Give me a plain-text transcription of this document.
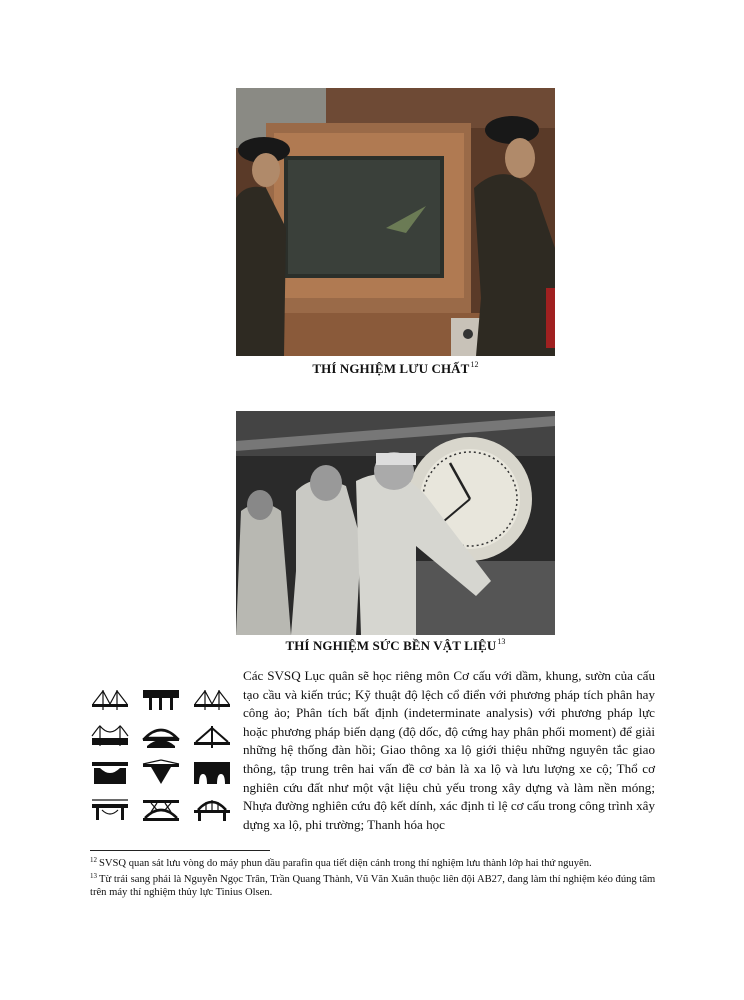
THÍ NGHIỆM LƯU CHẤT$^{12}$
THÍ NGHIỆM SỨC BỀN VẬT LIỆU$^{13}$
Các SVSQ Lục quân sẽ học riêng môn Cơ cấu với dầm, khung, sườn của cấu tạo cầu và kiến trúc; Kỹ thuật độ lệch cổ điển với phương pháp tích phân hay công ảo; Phân tích bất định (indeterminate analysis) với phương pháp lực hoặc phương pháp biến dạng (độ dốc, độ cứng hay phân phối moment) để giải những hệ thống đàn hồi; Giao thông xa lộ giới thiệu những nguyên tắc giao thông, tập trung trên hai vấn đề cơ bản là xa lộ và lưu lượng xe cộ; Thổ cơ nghiên cứu đất như một vật liệu chủ yếu trong xây dựng và làm nền móng; Nhựa đường nghiên cứu độ kết dính, xác định tỉ lệ cơ cấu trong công trình xây dựng xa lộ, phi trường; Thanh hóa học

$^{12}$ SVSQ quan sát lưu vòng do máy phun dầu parafin qua tiết diện cánh trong thí nghiệm lưu thành lớp hai thứ nguyên.

$^{13}$ Từ trái sang phải là Nguyễn Ngọc Trân, Trần Quang Thành, Vũ Văn Xuân thuộc liên đội AB27, đang làm thí nghiệm kéo đúng tâm trên máy thí nghiệm thủy lực Tinius Olsen.
